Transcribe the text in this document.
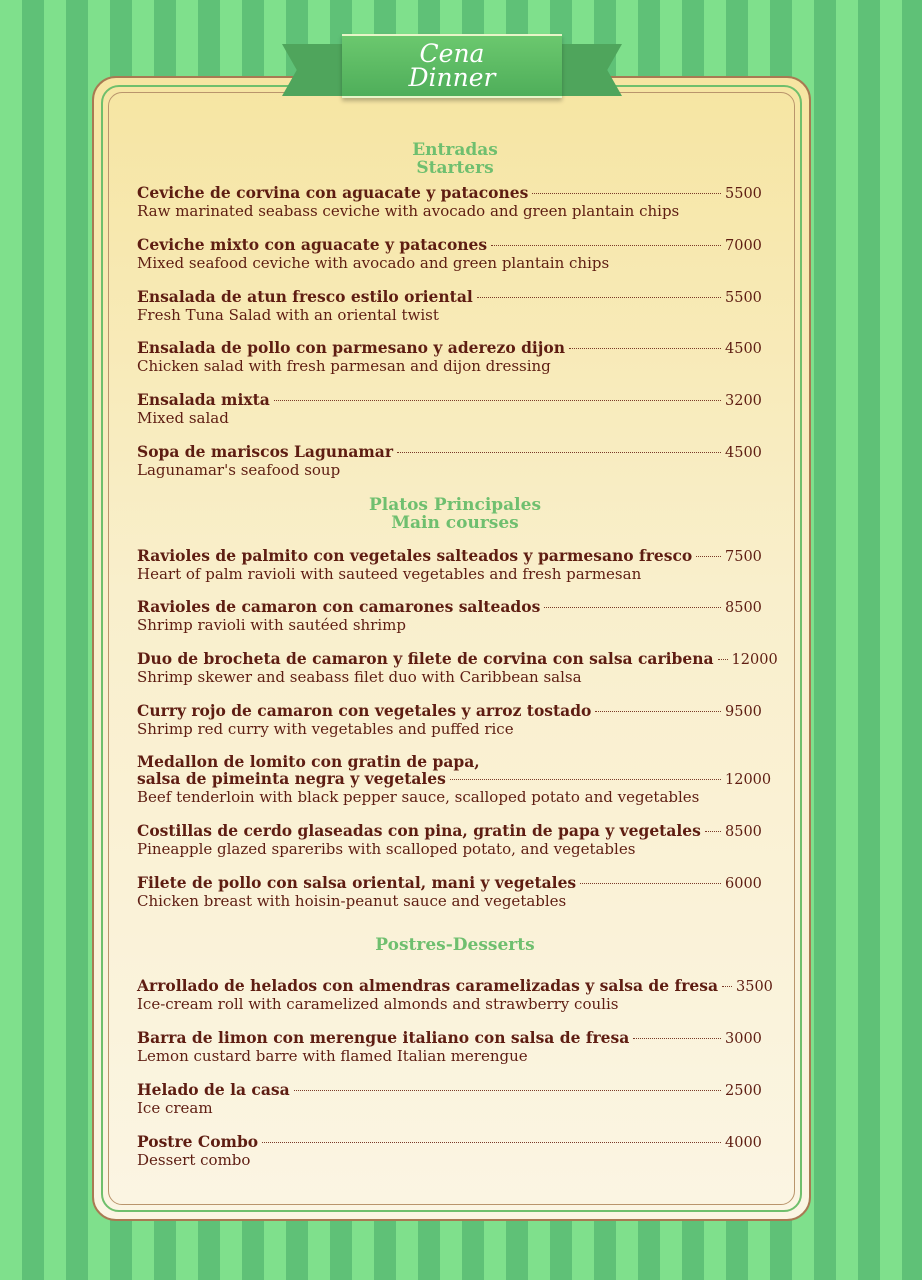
Cena
Dinner
Entradas
Starters
Ceviche de corvina con aguacate y patacones	5500
Raw marinated seabass ceviche with avocado and green plantain chips
Ceviche mixto con aguacate y patacones	7000
Mixed seafood ceviche with avocado and green plantain chips
Ensalada de atun fresco estilo oriental	5500
Fresh Tuna Salad with an oriental twist
Ensalada de pollo con parmesano y aderezo dijon	4500
Chicken salad with fresh parmesan and dijon dressing
Ensalada mixta	3200
Mixed salad
Sopa de mariscos Lagunamar	4500
Lagunamar's seafood soup
Platos Principales
Main courses
Ravioles de palmito con vegetales salteados y parmesano fresco 7500
Heart of palm ravioli with sauteed vegetables and fresh parmesan
Ravioles de camaron con camarones salteados	8500
Shrimp ravioli with sautéed shrimp
Duo de brocheta de camaron y filete de corvina con salsa caribena 12000
Shrimp skewer and seabass filet duo with Caribbean salsa
Curry rojo de camaron con vegetales y arroz tostado	9500
Shrimp red curry with vegetables and puffed rice
Medallon de lomito con gratin de papa,
salsa de pimeinta negra y vegetales	12000
Beef tenderloin with black pepper sauce, scalloped potato and vegetables
Costillas de cerdo glaseadas con pina, gratin de papa y vegetales 8500
Pineapple glazed spareribs with scalloped potato, and vegetables
Filete de pollo con salsa oriental, mani y vegetales	6000
Chicken breast with hoisin-peanut sauce and vegetables
Postres-Desserts
Arrollado de helados con almendras caramelizadas y salsa de fresa 3500
Ice-cream roll with caramelized almonds and strawberry coulis
Barra de limon con merengue italiano con salsa de fresa	3000
Lemon custard barre with flamed Italian merengue
Helado de la casa	2500
Ice cream
Postre Combo	4000
Dessert combo
